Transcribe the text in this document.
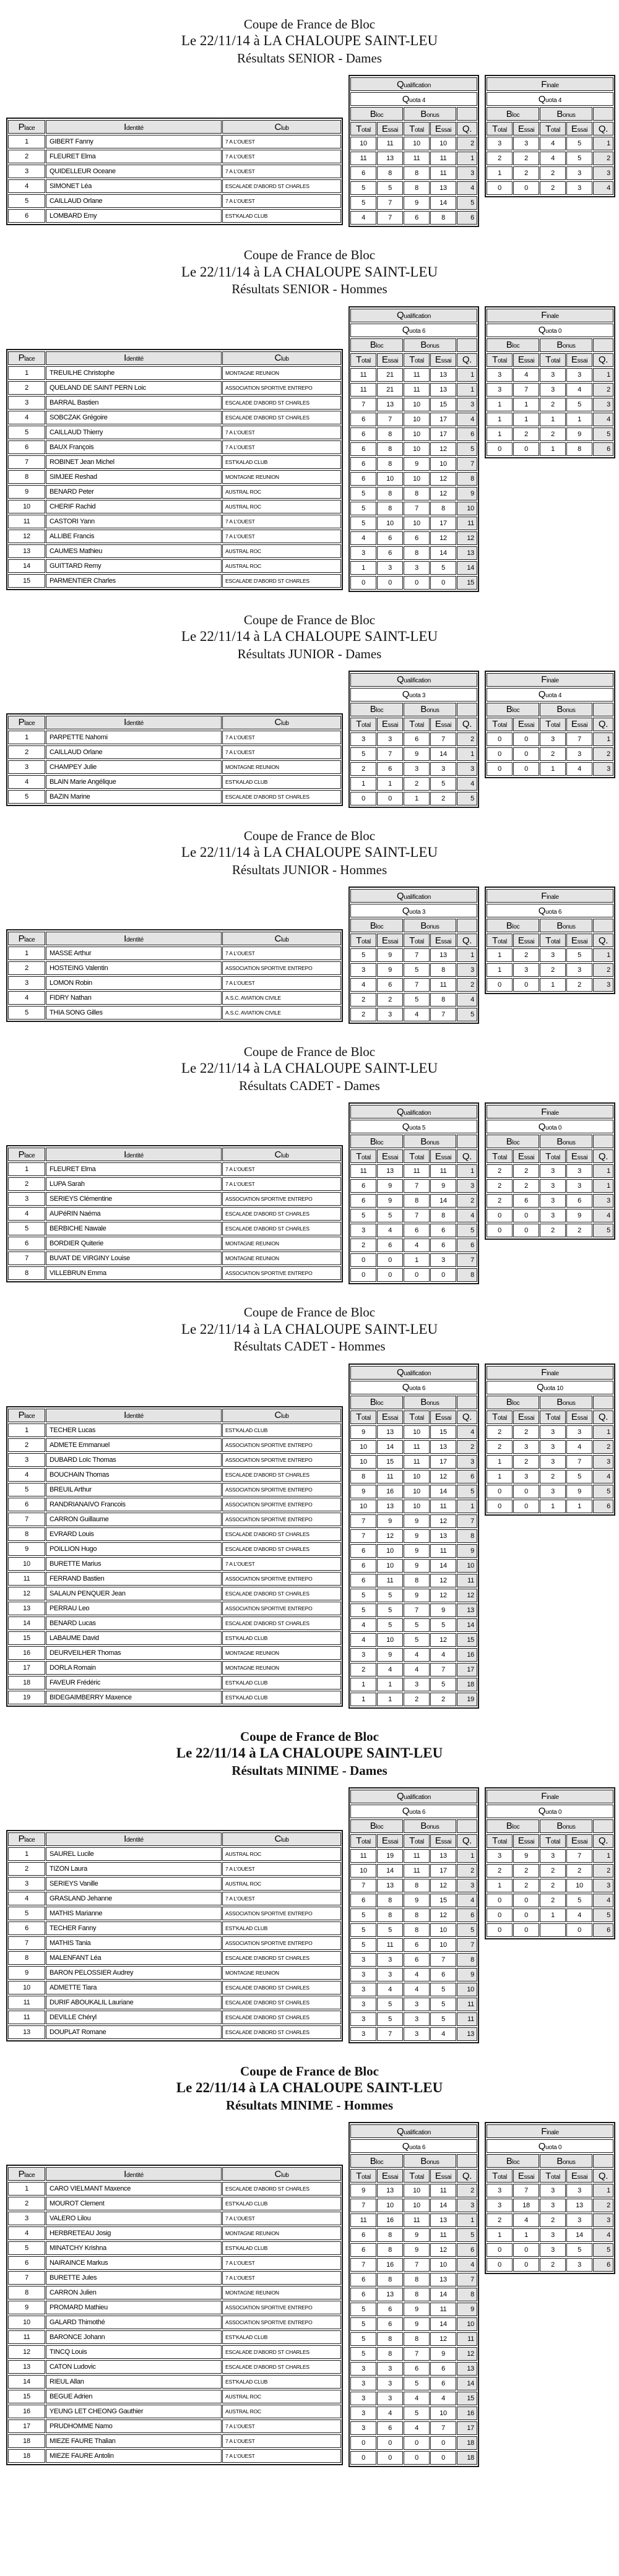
Coupe de France de Bloc
Le 22/11/14 à LA CHALOUPE SAINT-LEU
Résultats SENIOR - Dames
Place	Identité	Club
1	GIBERT Fanny	7 A L'OUEST
2	FLEURET Elma	7 A L'OUEST
3	QUIDELLEUR Oceane	7 A L'OUEST
4	SIMONET Léa	ESCALADE D'ABORD ST CHARLES
5	CAILLAUD Orlane	7 A L'OUEST
6	LOMBARD Emy	EST'KALAD CLUB
Qualification				
Quota 4				
Bloc		Bonus		
Total	Essai	Total	Essai	Q.
10	11	10	10	2
11	13	11	11	1
6	8	8	11	3
5	5	8	13	4
5	7	9	14	5
4	7	6	8	6
Finale				
Quota 4				
Bloc		Bonus		
Total	Essai	Total	Essai	Q.
3	3	4	5	1
2	2	4	5	2
1	2	2	3	3
0	0	2	3	4
Coupe de France de Bloc
Le 22/11/14 à LA CHALOUPE SAINT-LEU
Résultats SENIOR - Hommes
Place	Identité	Club
1	TREUILHE Christophe	MONTAGNE REUNION
2	QUELAND DE SAINT PERN Loic	ASSOCIATION SPORTIVE ENTREPO
3	BARRAL Bastien	ESCALADE D'ABORD ST CHARLES
4	SOBCZAK Grégoire	ESCALADE D'ABORD ST CHARLES
5	CAILLAUD Thierry	7 A L'OUEST
6	BAUX François	7 A L'OUEST
7	ROBINET Jean Michel	EST'KALAD CLUB
8	SIMJEE Reshad	MONTAGNE REUNION
9	BENARD Peter	AUSTRAL ROC
10	CHERIF Rachid	AUSTRAL ROC
11	CASTORI Yann	7 A L'OUEST
12	ALLIBE Francis	7 A L'OUEST
13	CAUMES Mathieu	AUSTRAL ROC
14	GUITTARD Remy	AUSTRAL ROC
15	PARMENTIER Charles	ESCALADE D'ABORD ST CHARLES
Qualification				
Quota 6				
Bloc		Bonus		
Total	Essai	Total	Essai	Q.
11	21	11	13	1
11	21	11	13	1
7	13	10	15	3
6	7	10	17	4
6	8	10	17	6
6	8	10	12	5
6	8	9	10	7
6	10	10	12	8
5	8	8	12	9
5	8	7	8	10
5	10	10	17	11
4	6	6	12	12
3	6	8	14	13
1	3	3	5	14
0	0	0	0	15
Finale				
Quota 0				
Bloc		Bonus		
Total	Essai	Total	Essai	Q.
3	4	3	3	1
3	7	3	4	2
1	1	2	5	3
1	1	1	1	4
1	2	2	9	5
0	0	1	8	6
Coupe de France de Bloc
Le 22/11/14 à LA CHALOUPE SAINT-LEU
Résultats JUNIOR - Dames
Place	Identité	Club
1	PARPETTE Nahomi	7 A L'OUEST
2	CAILLAUD Orlane	7 A L'OUEST
3	CHAMPEY Julie	MONTAGNE REUNION
4	BLAIN Marie Angélique	EST'KALAD CLUB
5	BAZIN Marine	ESCALADE D'ABORD ST CHARLES
Qualification				
Quota 3				
Bloc		Bonus		
Total	Essai	Total	Essai	Q.
3	3	6	7	2
5	7	9	14	1
2	6	3	3	3
1	1	2	5	4
0	0	1	2	5
Finale				
Quota 4				
Bloc		Bonus		
Total	Essai	Total	Essai	Q.
0	0	3	7	1
0	0	2	3	2
0	0	1	4	3
Coupe de France de Bloc
Le 22/11/14 à LA CHALOUPE SAINT-LEU
Résultats JUNIOR - Hommes
Place	Identité	Club
1	MASSE Arthur	7 A L'OUEST
2	HOSTEING Valentin	ASSOCIATION SPORTIVE ENTREPO
3	LOMON Robin	7 A L'OUEST
4	FIDRY Nathan	A.S.C. AVIATION CIVILE
5	THIA SONG Gilles	A.S.C. AVIATION CIVILE
Qualification				
Quota 3				
Bloc		Bonus		
Total	Essai	Total	Essai	Q.
5	9	7	13	1
3	9	5	8	3
4	6	7	11	2
2	2	5	8	4
2	3	4	7	5
Finale				
Quota 6				
Bloc		Bonus		
Total	Essai	Total	Essai	Q.
1	2	3	5	1
1	3	2	3	2
0	0	1	2	3
Coupe de France de Bloc
Le 22/11/14 à LA CHALOUPE SAINT-LEU
Résultats CADET - Dames
Place	Identité	Club
1	FLEURET Elma	7 A L'OUEST
2	LUPA Sarah	7 A L'OUEST
3	SERIEYS Clémentine	ASSOCIATION SPORTIVE ENTREPO
4	AUPéRIN Naéma	ESCALADE D'ABORD ST CHARLES
5	BERBICHE Nawale	ESCALADE D'ABORD ST CHARLES
6	BORDIER Quiterie	MONTAGNE REUNION
7	BUVAT DE VIRGINY Louise	MONTAGNE REUNION
8	VILLEBRUN Emma	ASSOCIATION SPORTIVE ENTREPO
Qualification				
Quota 5				
Bloc		Bonus		
Total	Essai	Total	Essai	Q.
11	13	11	11	1
6	9	7	9	3
6	9	8	14	2
5	5	7	8	4
3	4	6	6	5
2	6	4	6	6
0	0	1	3	7
0	0	0	0	8
Finale				
Quota 0				
Bloc		Bonus		
Total	Essai	Total	Essai	Q.
2	2	3	3	1
2	2	3	3	1
2	6	3	6	3
0	0	3	9	4
0	0	2	2	5
Coupe de France de Bloc
Le 22/11/14 à LA CHALOUPE SAINT-LEU
Résultats CADET - Hommes
Place	Identité	Club
1	TECHER Lucas	EST'KALAD CLUB
2	ADMETE Emmanuel	ASSOCIATION SPORTIVE ENTREPO
3	DUBARD Loïc Thomas	ASSOCIATION SPORTIVE ENTREPO
4	BOUCHAIN Thomas	ESCALADE D'ABORD ST CHARLES
5	BREUIL Arthur	ASSOCIATION SPORTIVE ENTREPO
6	RANDRIANAIVO Francois	ASSOCIATION SPORTIVE ENTREPO
7	CARRON Guillaume	ASSOCIATION SPORTIVE ENTREPO
8	EVRARD Louis	ESCALADE D'ABORD ST CHARLES
9	POILLION Hugo	ESCALADE D'ABORD ST CHARLES
10	BURETTE Marius	7 A L'OUEST
11	FERRAND Bastien	ASSOCIATION SPORTIVE ENTREPO
12	SALAUN PENQUER Jean	ESCALADE D'ABORD ST CHARLES
13	PERRAU Leo	ASSOCIATION SPORTIVE ENTREPO
14	BENARD Lucas	ESCALADE D'ABORD ST CHARLES
15	LABAUME David	EST'KALAD CLUB
16	DEURVEILHER Thomas	MONTAGNE REUNION
17	DORLA Romain	MONTAGNE REUNION
18	FAVEUR Frédéric	EST'KALAD CLUB
19	BIDEGAIMBERRY Maxence	EST'KALAD CLUB
Qualification				
Quota 6				
Bloc		Bonus		
Total	Essai	Total	Essai	Q.
9	13	10	15	4
10	14	11	13	2
10	15	11	17	3
8	11	10	12	6
9	16	10	14	5
10	13	10	11	1
7	9	9	12	7
7	12	9	13	8
6	10	9	11	9
6	10	9	14	10
6	11	8	12	11
5	5	9	12	12
5	5	7	9	13
4	5	5	5	14
4	10	5	12	15
3	9	4	4	16
2	4	4	7	17
1	1	3	5	18
1	1	2	2	19
Finale				
Quota 10				
Bloc		Bonus		
Total	Essai	Total	Essai	Q.
2	2	3	3	1
2	3	3	4	2
1	2	3	7	3
1	3	2	5	4
0	0	3	9	5
0	0	1	1	6
Coupe de France de Bloc
Le 22/11/14 à LA CHALOUPE SAINT-LEU
Résultats MINIME - Dames
Place	Identité	Club
1	SAUREL Lucile	AUSTRAL ROC
2	TIZON Laura	7 A L'OUEST
3	SERIEYS Vanille	AUSTRAL ROC
4	GRASLAND Jehanne	7 A L'OUEST
5	MATHIS Marianne	ASSOCIATION SPORTIVE ENTREPO
6	TECHER Fanny	EST'KALAD CLUB
7	MATHIS Tania	ASSOCIATION SPORTIVE ENTREPO
8	MALENFANT Léa	ESCALADE D'ABORD ST CHARLES
9	BARON PELOSSIER Audrey	MONTAGNE REUNION
10	ADMETTE Tiara	ESCALADE D'ABORD ST CHARLES
11	DURIF ABOUKALIL Lauriane	ESCALADE D'ABORD ST CHARLES
11	DEVILLE Chéryl	ESCALADE D'ABORD ST CHARLES
13	DOUPLAT Romane	ESCALADE D'ABORD ST CHARLES
Qualification				
Quota 6				
Bloc		Bonus		
Total	Essai	Total	Essai	Q.
11	19	11	13	1
10	14	11	17	2
7	13	8	12	3
6	8	9	15	4
5	8	8	12	6
5	5	8	10	5
5	11	6	10	7
3	3	6	7	8
3	3	4	6	9
3	4	4	5	10
3	5	3	5	11
3	5	3	5	11
3	7	3	4	13
Finale				
Quota 0				
Bloc		Bonus		
Total	Essai	Total	Essai	Q.
3	9	3	7	1
2	2	2	2	2
1	2	2	10	3
0	0	2	5	4
0	0	1	4	5
0	0		0	6
Coupe de France de Bloc
Le 22/11/14 à LA CHALOUPE SAINT-LEU
Résultats MINIME - Hommes
Place	Identité	Club
1	CARO VIELMANT Maxence	ESCALADE D'ABORD ST CHARLES
2	MOUROT Clement	EST'KALAD CLUB
3	VALERO Lilou	7 A L'OUEST
4	HERBRETEAU Josig	MONTAGNE REUNION
5	MINATCHY Krishna	EST'KALAD CLUB
6	NAIRAINCE Markus	7 A L'OUEST
7	BURETTE Jules	7 A L'OUEST
8	CARRON Julien	MONTAGNE REUNION
9	PROMARD Mathieu	ASSOCIATION SPORTIVE ENTREPO
10	GALARD Thimothé	ASSOCIATION SPORTIVE ENTREPO
11	BARONCE Johann	EST'KALAD CLUB
12	TINCQ Louis	ESCALADE D'ABORD ST CHARLES
13	CATON Ludovic	ESCALADE D'ABORD ST CHARLES
14	RIEUL Allan	EST'KALAD CLUB
15	BEGUE Adrien	AUSTRAL ROC
16	YEUNG LET CHEONG Gauthier	AUSTRAL ROC
17	PRUDHOMME Namo	7 A L'OUEST
18	MIEZE FAURE Thalian	7 A L'OUEST
18	MIEZE FAURE Antolin	7 A L'OUEST
Qualification				
Quota 6				
Bloc		Bonus		
Total	Essai	Total	Essai	Q.
9	13	10	11	2
7	10	10	14	3
11	16	11	13	1
6	8	9	11	5
6	8	9	12	6
7	16	7	10	4
6	8	8	13	7
6	13	8	14	8
5	6	9	11	9
5	6	9	14	10
5	8	8	12	11
5	8	7	9	12
3	3	6	6	13
3	3	5	6	14
3	3	4	4	15
3	4	5	10	16
3	6	4	7	17
0	0	0	0	18
0	0	0	0	18
Finale				
Quota 0				
Bloc		Bonus		
Total	Essai	Total	Essai	Q.
3	7	3	3	1
3	18	3	13	2
2	4	2	3	3
1	1	3	14	4
0	0	3	5	5
0	0	2	3	6
